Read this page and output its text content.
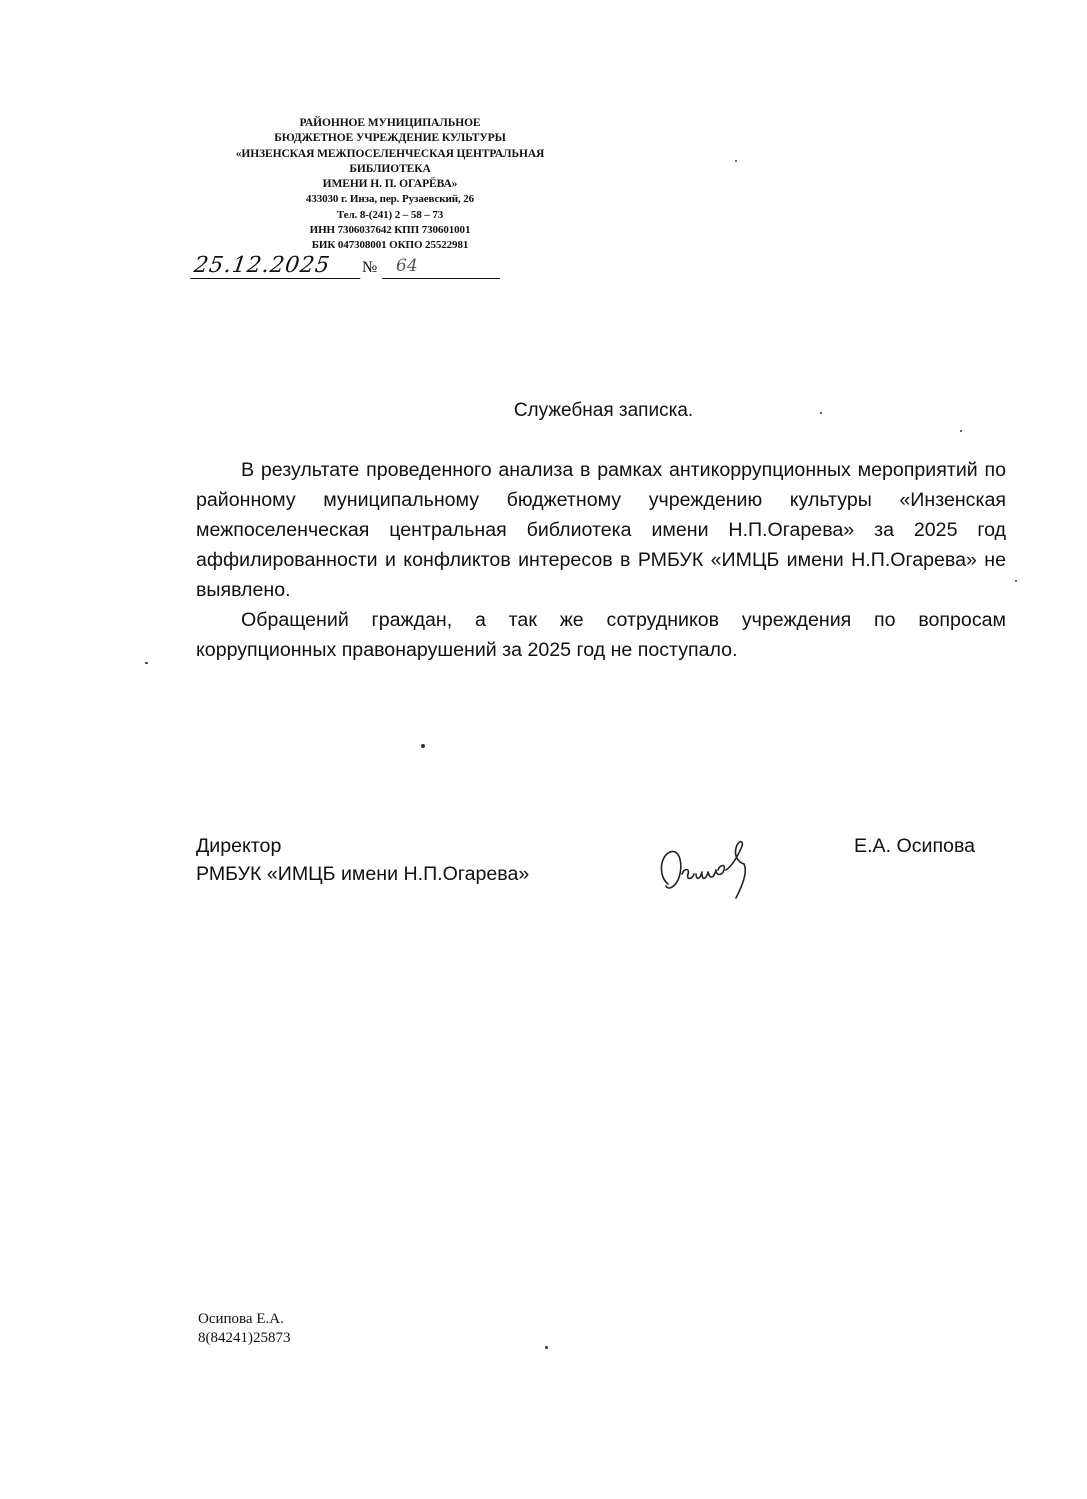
РАЙОННОЕ МУНИЦИПАЛЬНОЕ
БЮДЖЕТНОЕ УЧРЕЖДЕНИЕ КУЛЬТУРЫ
«ИНЗЕНСКАЯ МЕЖПОСЕЛЕНЧЕСКАЯ ЦЕНТРАЛЬНАЯ
БИБЛИОТЕКА
ИМЕНИ Н. П. ОГАРЁВА»
433030 г. Инза, пер. Рузаевский, 26
Тел. 8-(241) 2 – 58 – 73
ИНН 7306037642 КПП 730601001
БИК 047308001 ОКПО 25522981
25.12.2025	№	64
Служебная записка.

В результате проведенного анализа в рамках антикоррупционных мероприятий по районному муниципальному бюджетному учреждению культуры «Инзенская межпоселенческая центральная библиотека имени Н.П.Огарева» за 2025 год аффилированности и конфликтов интересов в РМБУК «ИМЦБ имени Н.П.Огарева» не выявлено.

Обращений граждан, а так же сотрудников учреждения по вопросам коррупционных правонарушений за 2025 год не поступало.

Директор
РМБУК «ИМЦБ имени Н.П.Огарева»
Е.А. Осипова
Осипова Е.А.
8(84241)25873
